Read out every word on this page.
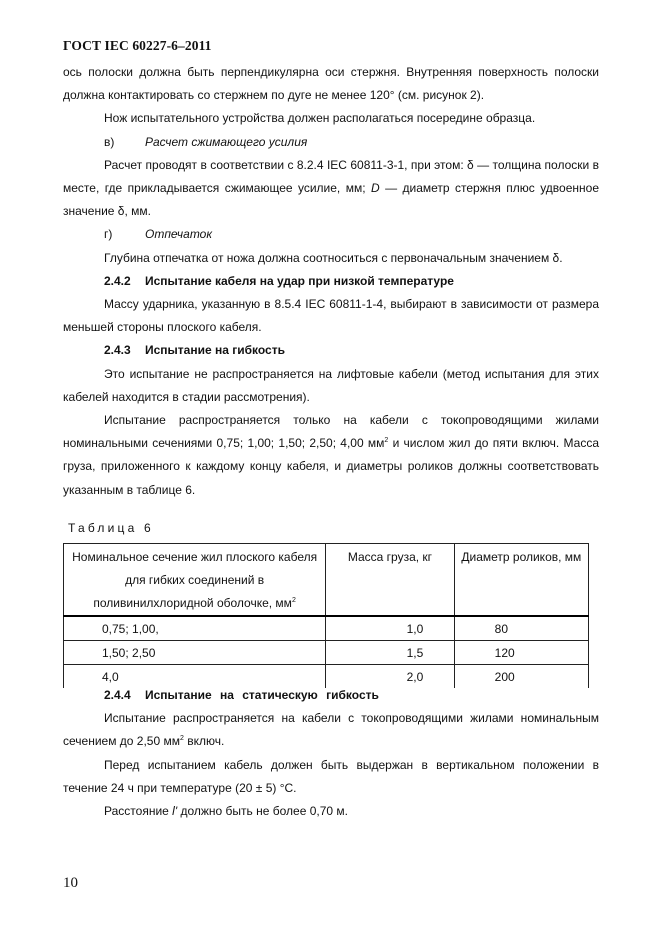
ГОСТ IEC 60227-6–2011

ось полоски должна быть перпендикулярна оси стержня. Внутренняя поверхность полоски должна контактировать со стержнем по дуге не менее 120° (см. рисунок 2).

Нож испытательного устройства должен располагаться посередине образца.

в)	Расчет сжимающего усилия

Расчет проводят в соответствии с 8.2.4 IEC 60811-3-1, при этом: δ — толщина полоски в месте, где прикладывается сжимающее усилие, мм; D — диаметр стержня плюс удвоенное значение δ, мм.

г)	Отпечаток

Глубина отпечатка от ножа должна соотноситься с первоначальным значением δ.

2.4.2 Испытание кабеля на удар при низкой температуре

Массу ударника, указанную в 8.5.4 IEC 60811-1-4, выбирают в зависимости от размера меньшей стороны плоского кабеля.

2.4.3 Испытание на гибкость

Это испытание не распространяется на лифтовые кабели (метод испытания для этих кабелей находится в стадии рассмотрения).

Испытание распространяется только на кабели с токопроводящими жилами номинальными сечениями 0,75; 1,00; 1,50; 2,50; 4,00 $мм^2$ и числом жил до пяти включ. Масса груза, приложенного к каждому концу кабеля, и диаметры роликов должны соответствовать указанным в таблице 6.

Таблица 6
Номинальное сечение жил плоского кабеля для гибких соединений в поливинилхлоридной оболочке, $мм^2$	Масса груза, кг	Диаметр роликов, мм
0,75; 1,00,	1,0	80
1,50; 2,50	1,5	120
4,0	2,0	200

2.4.4 Испытание на статическую гибкость

Испытание распространяется на кабели с токопроводящими жилами номинальным сечением до 2,50 $мм^2$ включ.

Перед испытанием кабель должен быть выдержан в вертикальном положении в течение 24 ч при температуре (20 ± 5) °С.

Расстояние l' должно быть не более 0,70 м.

10
